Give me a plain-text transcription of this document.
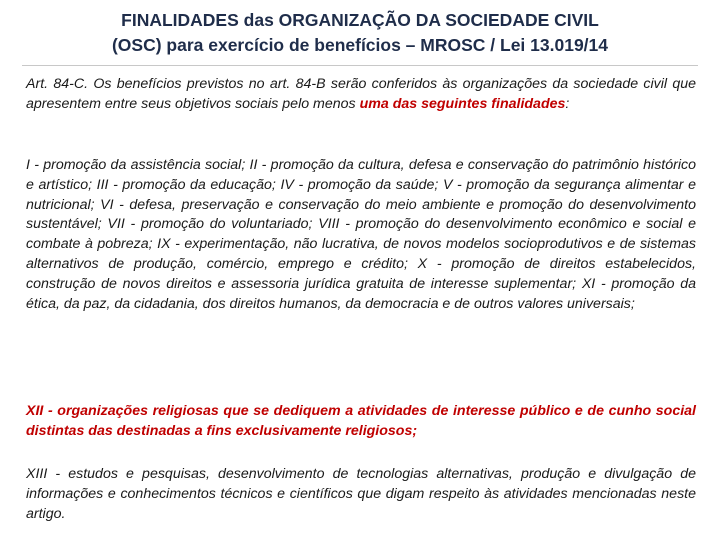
FINALIDADES das ORGANIZAÇÃO DA SOCIEDADE CIVIL
(OSC) para exercício de benefícios – MROSC / Lei 13.019/14

Art. 84-C. Os benefícios previstos no art. 84-B serão conferidos às organizações da sociedade civil que apresentem entre seus objetivos sociais pelo menos uma das seguintes finalidades:

I - promoção da assistência social; II - promoção da cultura, defesa e conservação do patrimônio histórico e artístico; III - promoção da educação; IV - promoção da saúde; V - promoção da segurança alimentar e nutricional; VI - defesa, preservação e conservação do meio ambiente e promoção do desenvolvimento sustentável; VII - promoção do voluntariado; VIII - promoção do desenvolvimento econômico e social e combate à pobreza; IX - experimentação, não lucrativa, de novos modelos socioprodutivos e de sistemas alternativos de produção, comércio, emprego e crédito; X - promoção de direitos estabelecidos, construção de novos direitos e assessoria jurídica gratuita de interesse suplementar; XI - promoção da ética, da paz, da cidadania, dos direitos humanos, da democracia e de outros valores universais;

XII - organizações religiosas que se dediquem a atividades de interesse público e de cunho social distintas das destinadas a fins exclusivamente religiosos;

XIII - estudos e pesquisas, desenvolvimento de tecnologias alternativas, produção e divulgação de informações e conhecimentos técnicos e científicos que digam respeito às atividades mencionadas neste artigo.
